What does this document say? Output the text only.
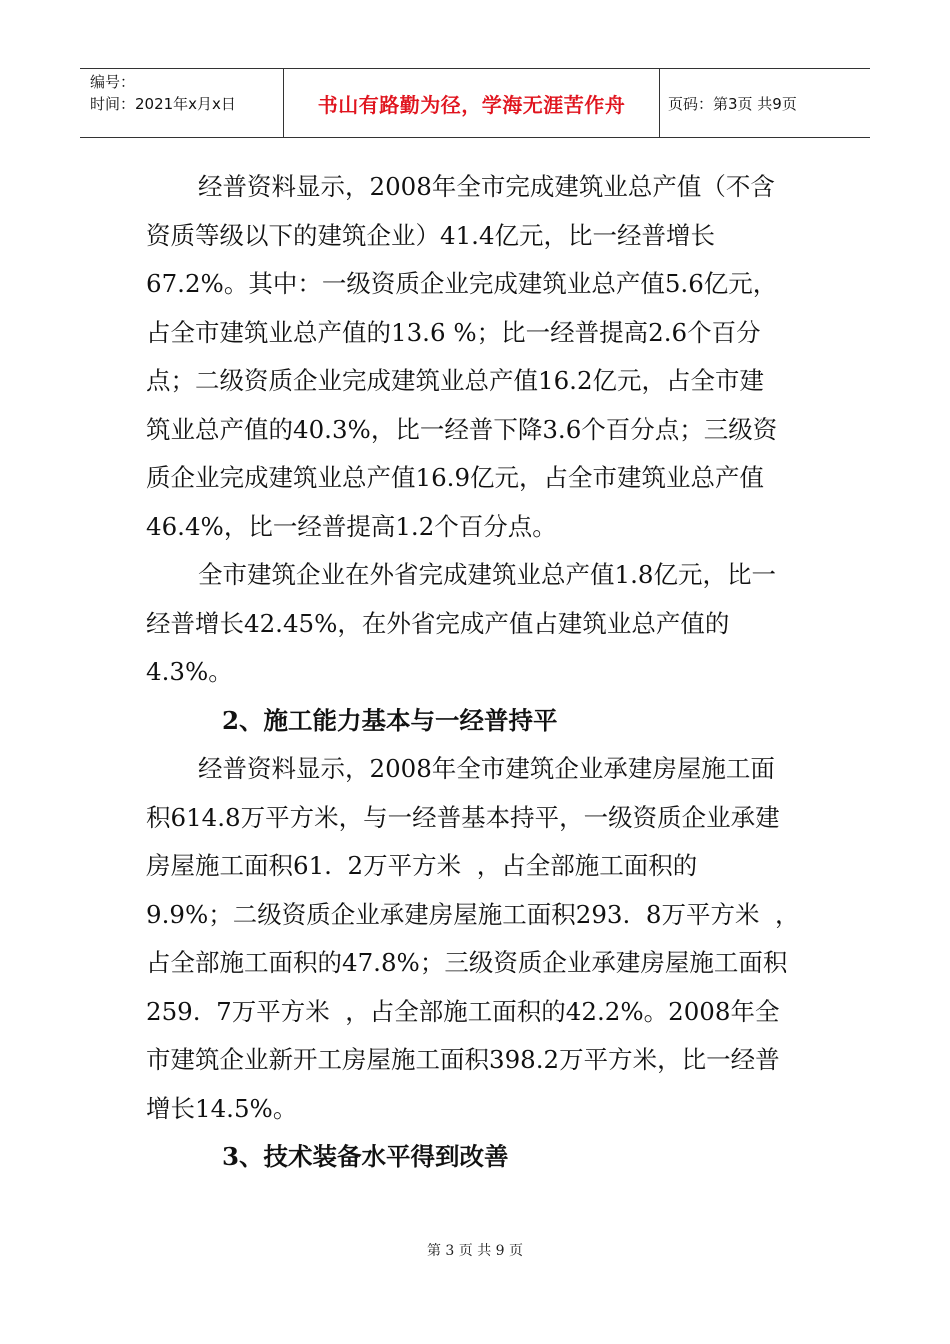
编号：
时间：2021年x月x日	书山有路勤为径，学海无涯苦作舟	页码：第3页 共9页
经普资料显示，2008年全市完成建筑业总产值（不含
资质等级以下的建筑企业）41.4亿元，比一经普增长
67.2%。其中：一级资质企业完成建筑业总产值5.6亿元，
占全市建筑业总产值的13.6 %；比一经普提高2.6个百分
点；二级资质企业完成建筑业总产值16.2亿元，占全市建
筑业总产值的40.3%，比一经普下降3.6个百分点；三级资
质企业完成建筑业总产值16.9亿元，占全市建筑业总产值
46.4%，比一经普提高1.2个百分点。
全市建筑企业在外省完成建筑业总产值1.8亿元，比一
经普增长42.45%，在外省完成产值占建筑业总产值的
4.3%。
2、施工能力基本与一经普持平
经普资料显示，2008年全市建筑企业承建房屋施工面
积614.8万平方米，与一经普基本持平，一级资质企业承建
房屋施工面积61.  2万平方米  ，占全部施工面积的
9.9%；二级资质企业承建房屋施工面积293.  8万平方米  ，
占全部施工面积的47.8%；三级资质企业承建房屋施工面积
259.  7万平方米  ，占全部施工面积的42.2%。2008年全
市建筑企业新开工房屋施工面积398.2万平方米，比一经普
增长14.5%。
3、技术装备水平得到改善
第 3 页 共 9 页
